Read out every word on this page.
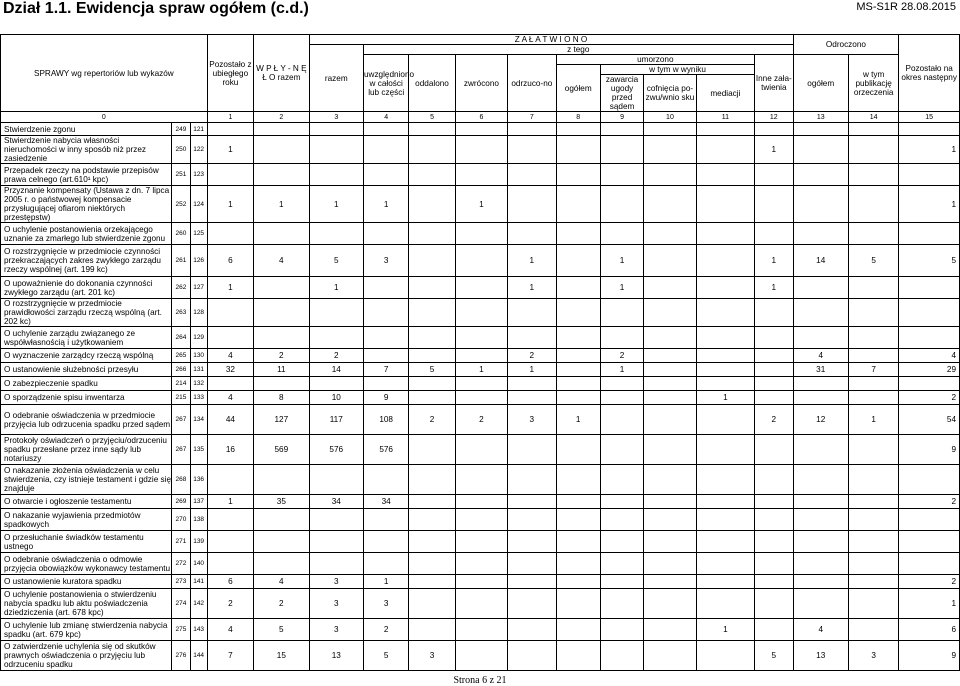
Dział 1.1. Ewidencja spraw ogółem (c.d.)	MS-S1R 28.08.2015
SPRAWY wg repertoriów lub wykazów			Pozostało z ubiegłego roku	W P Ł Y - N Ę Ł O razem	Z A Ł A T W I O N O										Odroczono		Pozostało na okres następny
					razem	z tego											
						uwzględniono w całości lub części	oddalono	zwrócono	odrzuco-no	umorzono				Inne zała-twienia	ogółem	w tym publikację orzeczenia	
										ogółem	w tym w wyniku						
											zawarcia ugody przed sądem	cofnięcia po-zwu/wnio sku	mediacji				
0			1	2	3	4	5	6	7	8	9	10	11	12	13	14	15
Stwierdzenie zgonu	249	121															
Stwierdzenie nabycia własności nieruchomości w inny sposób niż przez zasiedzenie	250	122	1											1			1
Przepadek rzeczy na podstawie przepisów prawa celnego (art.610¹ kpc)	251	123															
Przyznanie kompensaty (Ustawa z dn. 7 lipca 2005 r. o państwowej kompensacie przysługującej ofiarom niektórych przestępstw)	252	124	1	1	1	1		1									1
O uchylenie postanowienia orzekającego uznanie za zmarłego lub stwierdzenie zgonu	260	125															
O rozstrzygnięcie w przedmiocie czynności przekraczających zakres zwykłego zarządu rzeczy wspólnej (art. 199 kc)	261	126	6	4	5	3			1		1			1	14	5	5
O upoważnienie do dokonania czynności zwykłego zarządu (art. 201 kc)	262	127	1		1				1		1			1			
O rozstrzygnięcie w przedmiocie prawidłowości zarządu rzeczą wspólną (art. 202 kc)	263	128															
O uchylenie zarządu związanego ze współwłasnością i użytkowaniem	264	129															
O wyznaczenie zarządcy rzeczą wspólną	265	130	4	2	2				2		2				4		4
O ustanowienie służebności przesyłu	266	131	32	11	14	7	5	1	1		1				31	7	29
O zabezpieczenie spadku	214	132															
O sporządzenie spisu inwentarza	215	133	4	8	10	9							1				2
O odebranie oświadczenia w przedmiocie przyjęcia lub odrzucenia spadku przed sądem	267	134	44	127	117	108	2	2	3	1				2	12	1	54
Protokoły oświadczeń o przyjęciu/odrzuceniu spadku przesłane przez inne sądy lub notariuszy	267	135	16	569	576	576											9
O nakazanie złożenia oświadczenia w celu stwierdzenia, czy istnieje testament i gdzie się znajduje	268	136															
O otwarcie i ogłoszenie testamentu	269	137	1	35	34	34											2
O nakazanie wyjawienia przedmiotów spadkowych	270	138															
O przesłuchanie świadków testamentu ustnego	271	139															
O odebranie oświadczenia o odmowie przyjęcia obowiązków wykonawcy testamentu	272	140															
O ustanowienie kuratora spadku	273	141	6	4	3	1											2
O uchylenie postanowienia o stwierdzeniu nabycia spadku lub aktu poświadczenia dziedziczenia (art. 678 kpc)	274	142	2	2	3	3											1
O uchylenie lub zmianę stwierdzenia nabycia spadku (art. 679 kpc)	275	143	4	5	3	2							1		4		6
O zatwierdzenie uchylenia się od skutków prawnych oświadczenia o przyjęciu lub odrzuceniu spadku	276	144	7	15	13	5	3							5	13	3	9
Strona 6 z 21
